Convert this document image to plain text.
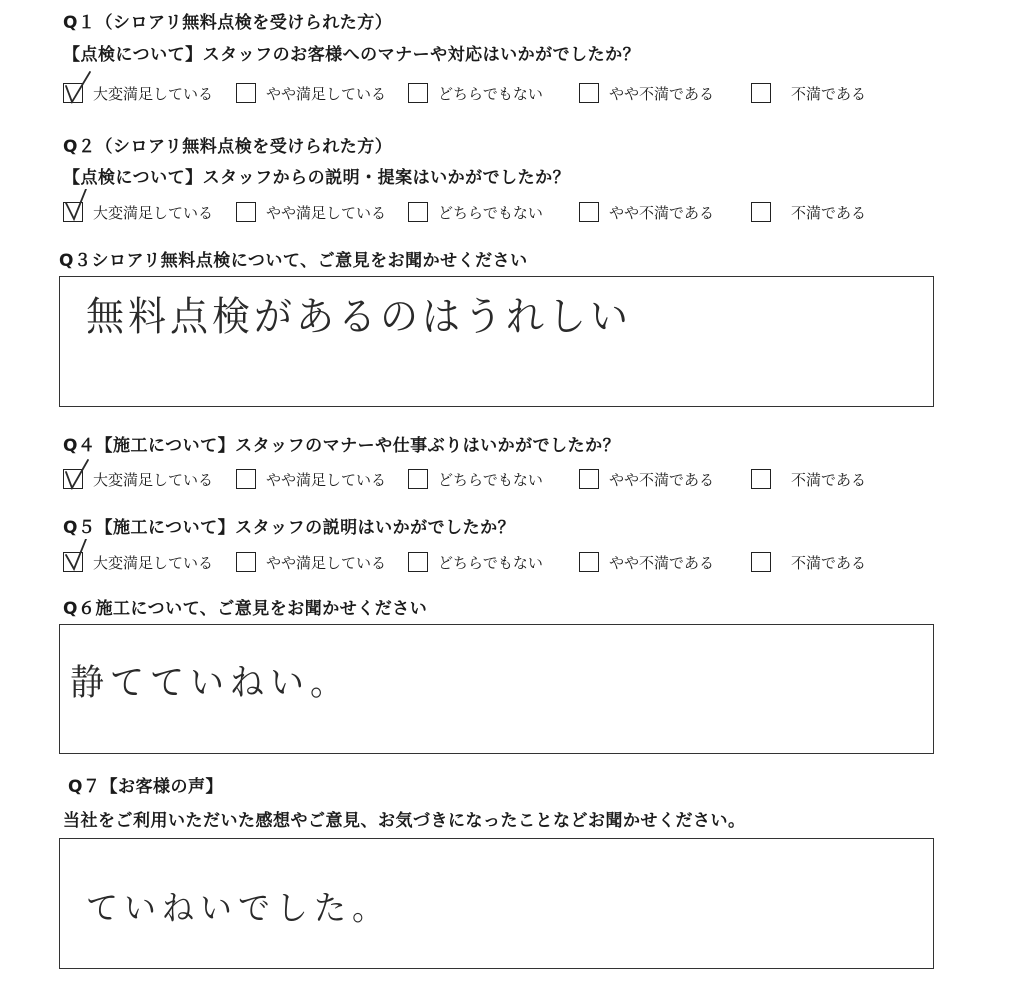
Q１（シロアリ無料点検を受けられた方）
【点検について】スタッフのお客様へのマナーや対応はいかがでしたか？
大変満足している	やや満足している	どちらでもない	やや不満である	不満である
Q２（シロアリ無料点検を受けられた方）
【点検について】スタッフからの説明・提案はいかがでしたか？
大変満足している	やや満足している	どちらでもない	やや不満である	不満である
Q３シロアリ無料点検について、ご意見をお聞かせください
無料点検があるのはうれしい
Q４【施工について】スタッフのマナーや仕事ぶりはいかがでしたか？
大変満足している	やや満足している	どちらでもない	やや不満である	不満である
Q５【施工について】スタッフの説明はいかがでしたか？
大変満足している	やや満足している	どちらでもない	やや不満である	不満である
Q６施工について、ご意見をお聞かせください
静てていねい。
Q７【お客様の声】
当社をご利用いただいた感想やご意見、お気づきになったことなどお聞かせください。
ていねいでした。
